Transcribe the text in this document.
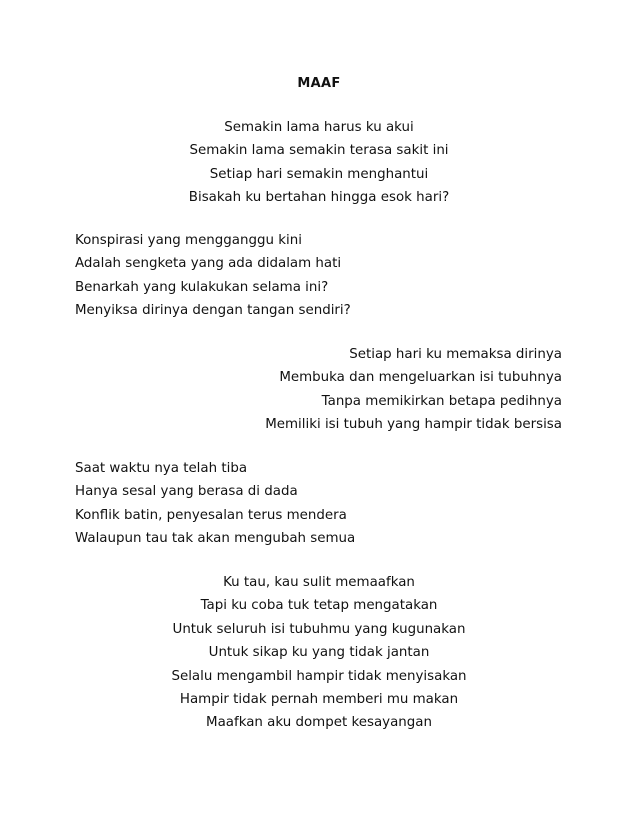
MAAF
Semakin lama harus ku akui
Semakin lama semakin terasa sakit ini
Setiap hari semakin menghantui
Bisakah ku bertahan hingga esok hari?
Konspirasi yang mengganggu kini
Adalah sengketa yang ada didalam hati
Benarkah yang kulakukan selama ini?
Menyiksa dirinya dengan tangan sendiri?
Setiap hari ku memaksa dirinya
Membuka dan mengeluarkan isi tubuhnya
Tanpa memikirkan betapa pedihnya
Memiliki isi tubuh yang hampir tidak bersisa
Saat waktu nya telah tiba
Hanya sesal yang berasa di dada
Konflik batin, penyesalan terus mendera
Walaupun tau tak akan mengubah semua
Ku tau, kau sulit memaafkan
Tapi ku coba tuk tetap mengatakan
Untuk seluruh isi tubuhmu yang kugunakan
Untuk sikap ku yang tidak jantan
Selalu mengambil hampir tidak menyisakan
Hampir tidak pernah memberi mu makan
Maafkan aku dompet kesayangan
